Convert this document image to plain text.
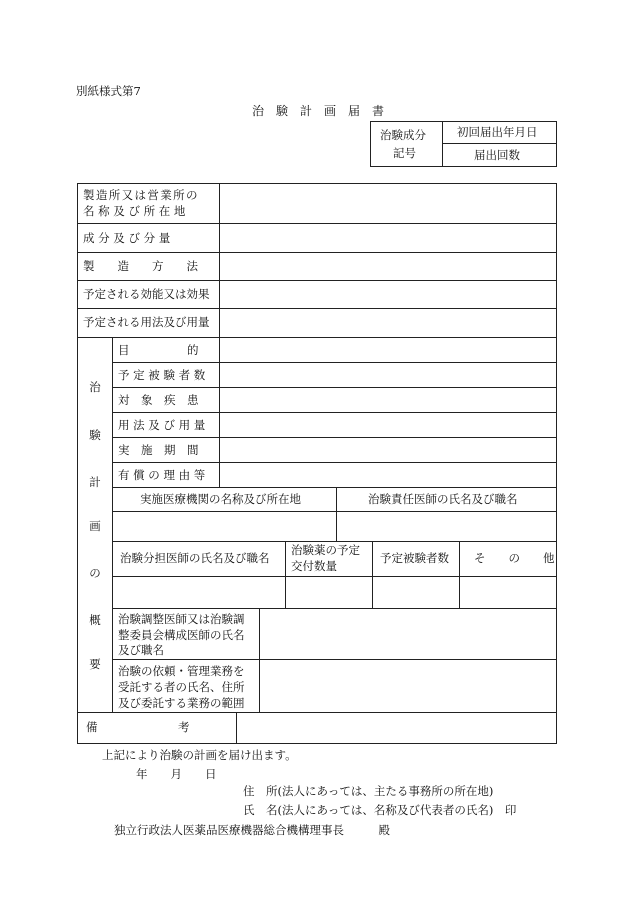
別紙様式第7
治　験　計　画　届　書
治験成分
記号
初回届出年月日
届出回数
製造所又は営業所の
名 称 及 び 所 在 地
成 分 及 び 分 量
製　　造　　方　　法
予定される効能又は効果
予定される用法及び用量
治
験
計
画
の
概
要
目　　　　　的
予 定 被 験 者 数
対　象　疾　患
用 法 及 び 用 量
実　施　期　間
有 償 の 理 由 等
実施医療機関の名称及び所在地	治験責任医師の氏名及び職名
治験分担医師の氏名及び職名
治験薬の予定
交付数量
予定被験者数 そ　　の　　他
治験調整医師又は治験調
整委員会構成医師の氏名
及び職名
治験の依頼・管理業務を
受託する者の氏名、住所
及び委託する業務の範囲
備　　　　　　　考
上記により治験の計画を届け出ます。
年　　月　　日
住　所(法人にあっては、主たる事務所の所在地)
氏　名(法人にあっては、名称及び代表者の氏名)　印
独立行政法人医薬品医療機器総合機構理事長　　　殿
